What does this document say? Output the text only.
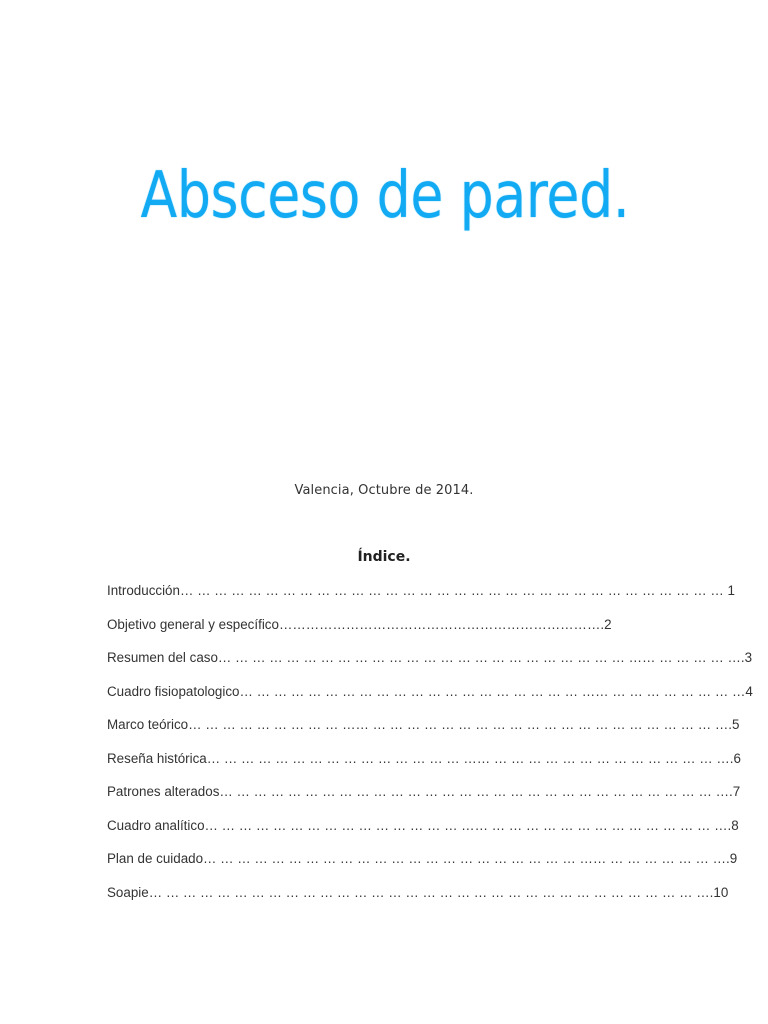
Absceso de pared.
Valencia, Octubre de 2014.
Índice.
Introducción… … … … … … … … … … … … … … … … … … … … … … … … … … … … … … … … 1
Objetivo general y específico……………………………………………………………….2
Resumen del caso… … … … … … … … … … … … … … … … … … … … … … … … …… … … … … ….3
Cuadro fisiopatologico… … … … … … … … … … … … … … … … … … … … …… … … … … … … … …4
Marco teórico… … … … … … … … … …… … … … … … … … … … … … … … … … … … … … … ….5
Reseña histórica… … … … … … … … … … … … … … … …… … … … … … … … … … … … … … ….6
Patrones alterados… … … … … … … … … … … … … … … … … … … … … … … … … … … … … ….7
Cuadro analítico… … … … … … … … … … … … … … … …… … … … … … … … … … … … … … ….8
Plan de cuidado… … … … … … … … … … … … … … … … … … … … … … …… … … … … … … ….9
Soapie… … … … … … … … … … … … … … … … … … … … … … … … … … … … … … … … ….10
